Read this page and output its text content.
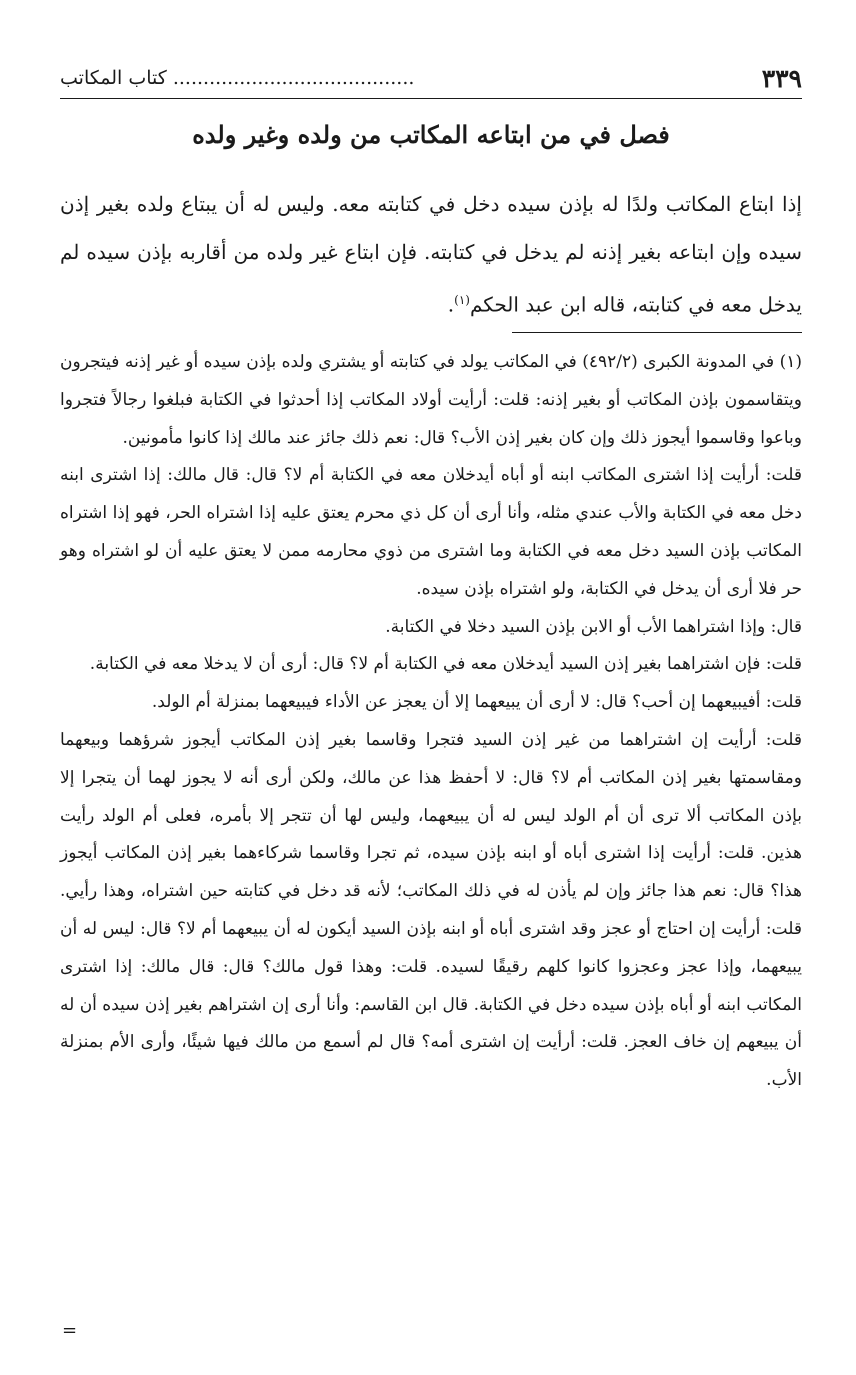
٣٣٩
........................................ كتاب المكاتب
فصل في من ابتاعه المكاتب من ولده وغير ولده

إذا ابتاع المكاتب ولدًا له بإذن سيده دخل في كتابته معه. وليس له أن يبتاع ولده بغير إذن سيده وإن ابتاعه بغير إذنه لم يدخل في كتابته. فإن ابتاع غير ولده من أقاربه بإذن سيده لم يدخل معه في كتابته، قاله ابن عبد الحكم$^{(١)}$.

(١) في المدونة الكبرى (٤٩٢/٢) في المكاتب يولد في كتابته أو يشتري ولده بإذن سيده أو غير إذنه فيتجرون ويتقاسمون بإذن المكاتب أو بغير إذنه: قلت: أرأيت أولاد المكاتب إذا أحدثوا في الكتابة فبلغوا رجالاً فتجروا وباعوا وقاسموا أيجوز ذلك وإن كان بغير إذن الأب؟ قال: نعم ذلك جائز عند مالك إذا كانوا مأمونين.

قلت: أرأيت إذا اشترى المكاتب ابنه أو أباه أيدخلان معه في الكتابة أم لا؟ قال: قال مالك: إذا اشترى ابنه دخل معه في الكتابة والأب عندي مثله، وأنا أرى أن كل ذي محرم يعتق عليه إذا اشتراه الحر، فهو إذا اشتراه المكاتب بإذن السيد دخل معه في الكتابة وما اشترى من ذوي محارمه ممن لا يعتق عليه أن لو اشتراه وهو حر فلا أرى أن يدخل في الكتابة، ولو اشتراه بإذن سيده.

قال: وإذا اشتراهما الأب أو الابن بإذن السيد دخلا في الكتابة.

قلت: فإن اشتراهما بغير إذن السيد أيدخلان معه في الكتابة أم لا؟ قال: أرى أن لا يدخلا معه في الكتابة.

قلت: أفيبيعهما إن أحب؟ قال: لا أرى أن يبيعهما إلا أن يعجز عن الأداء فيبيعهما بمنزلة أم الولد.

قلت: أرأيت إن اشتراهما من غير إذن السيد فتجرا وقاسما بغير إذن المكاتب أيجوز شرؤهما وبيعهما ومقاسمتها بغير إذن المكاتب أم لا؟ قال: لا أحفظ هذا عن مالك، ولكن أرى أنه لا يجوز لهما أن يتجرا إلا بإذن المكاتب ألا ترى أن أم الولد ليس له أن يبيعهما، وليس لها أن تتجر إلا بأمره، فعلى أم الولد رأيت هذين. قلت: أرأيت إذا اشترى أباه أو ابنه بإذن سيده، ثم تجرا وقاسما شركاءهما بغير إذن المكاتب أيجوز هذا؟ قال: نعم هذا جائز وإن لم يأذن له في ذلك المكاتب؛ لأنه قد دخل في كتابته حين اشتراه، وهذا رأيي. قلت: أرأيت إن احتاج أو عجز وقد اشترى أباه أو ابنه بإذن السيد أيكون له أن يبيعهما أم لا؟ قال: ليس له أن يبيعهما، وإذا عجز وعجزوا كانوا كلهم رقيقًا لسيده. قلت: وهذا قول مالك؟ قال: قال مالك: إذا اشترى المكاتب ابنه أو أباه بإذن سيده دخل في الكتابة. قال ابن القاسم: وأنا أرى إن اشتراهم بغير إذن سيده أن له أن يبيعهم إن خاف العجز. قلت: أرأيت إن اشترى أمه؟ قال لم أسمع من مالك فيها شيئًا، وأرى الأم بمنزلة الأب.

=
